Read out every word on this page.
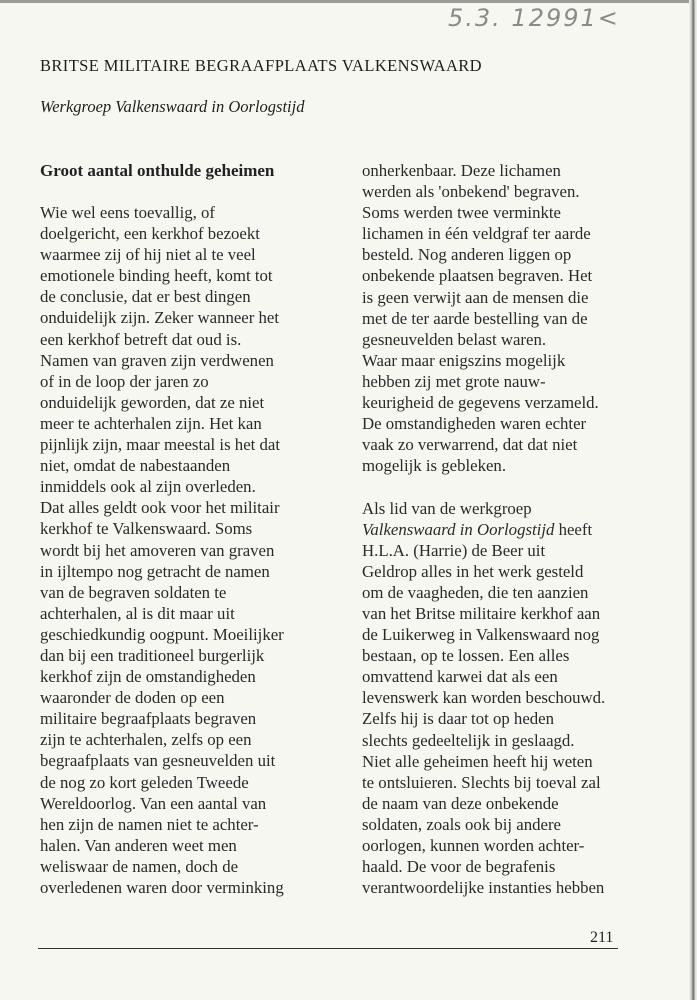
5.3. 12991<
BRITSE MILITAIRE BEGRAAFPLAATS VALKENSWAARD
Werkgroep Valkenswaard in Oorlogstijd
Groot aantal onthulde geheimen
Wie wel eens toevallig, of
doelgericht, een kerkhof bezoekt
waarmee zij of hij niet al te veel
emotionele binding heeft, komt tot
de conclusie, dat er best dingen
onduidelijk zijn. Zeker wanneer het
een kerkhof betreft dat oud is.
Namen van graven zijn verdwenen
of in de loop der jaren zo
onduidelijk geworden, dat ze niet
meer te achterhalen zijn. Het kan
pijnlijk zijn, maar meestal is het dat
niet, omdat de nabestaanden
inmiddels ook al zijn overleden.
Dat alles geldt ook voor het militair
kerkhof te Valkenswaard. Soms
wordt bij het amoveren van graven
in ijltempo nog getracht de namen
van de begraven soldaten te
achterhalen, al is dit maar uit
geschiedkundig oogpunt. Moeilijker
dan bij een traditioneel burgerlijk
kerkhof zijn de omstandigheden
waaronder de doden op een
militaire begraafplaats begraven
zijn te achterhalen, zelfs op een
begraafplaats van gesneuvelden uit
de nog zo kort geleden Tweede
Wereldoorlog. Van een aantal van
hen zijn de namen niet te achter-
halen. Van anderen weet men
weliswaar de namen, doch de
overledenen waren door verminking
onherkenbaar. Deze lichamen
werden als 'onbekend' begraven.
Soms werden twee verminkte
lichamen in één veldgraf ter aarde
besteld. Nog anderen liggen op
onbekende plaatsen begraven. Het
is geen verwijt aan de mensen die
met de ter aarde bestelling van de
gesneuvelden belast waren.
Waar maar enigszins mogelijk
hebben zij met grote nauw-
keurigheid de gegevens verzameld.
De omstandigheden waren echter
vaak zo verwarrend, dat dat niet
mogelijk is gebleken.
Als lid van de werkgroep
Valkenswaard in Oorlogstijd heeft
H.L.A. (Harrie) de Beer uit
Geldrop alles in het werk gesteld
om de vaagheden, die ten aanzien
van het Britse militaire kerkhof aan
de Luikerweg in Valkenswaard nog
bestaan, op te lossen. Een alles
omvattend karwei dat als een
levenswerk kan worden beschouwd.
Zelfs hij is daar tot op heden
slechts gedeeltelijk in geslaagd.
Niet alle geheimen heeft hij weten
te ontsluieren. Slechts bij toeval zal
de naam van deze onbekende
soldaten, zoals ook bij andere
oorlogen, kunnen worden achter-
haald. De voor de begrafenis
verantwoordelijke instanties hebben
211
